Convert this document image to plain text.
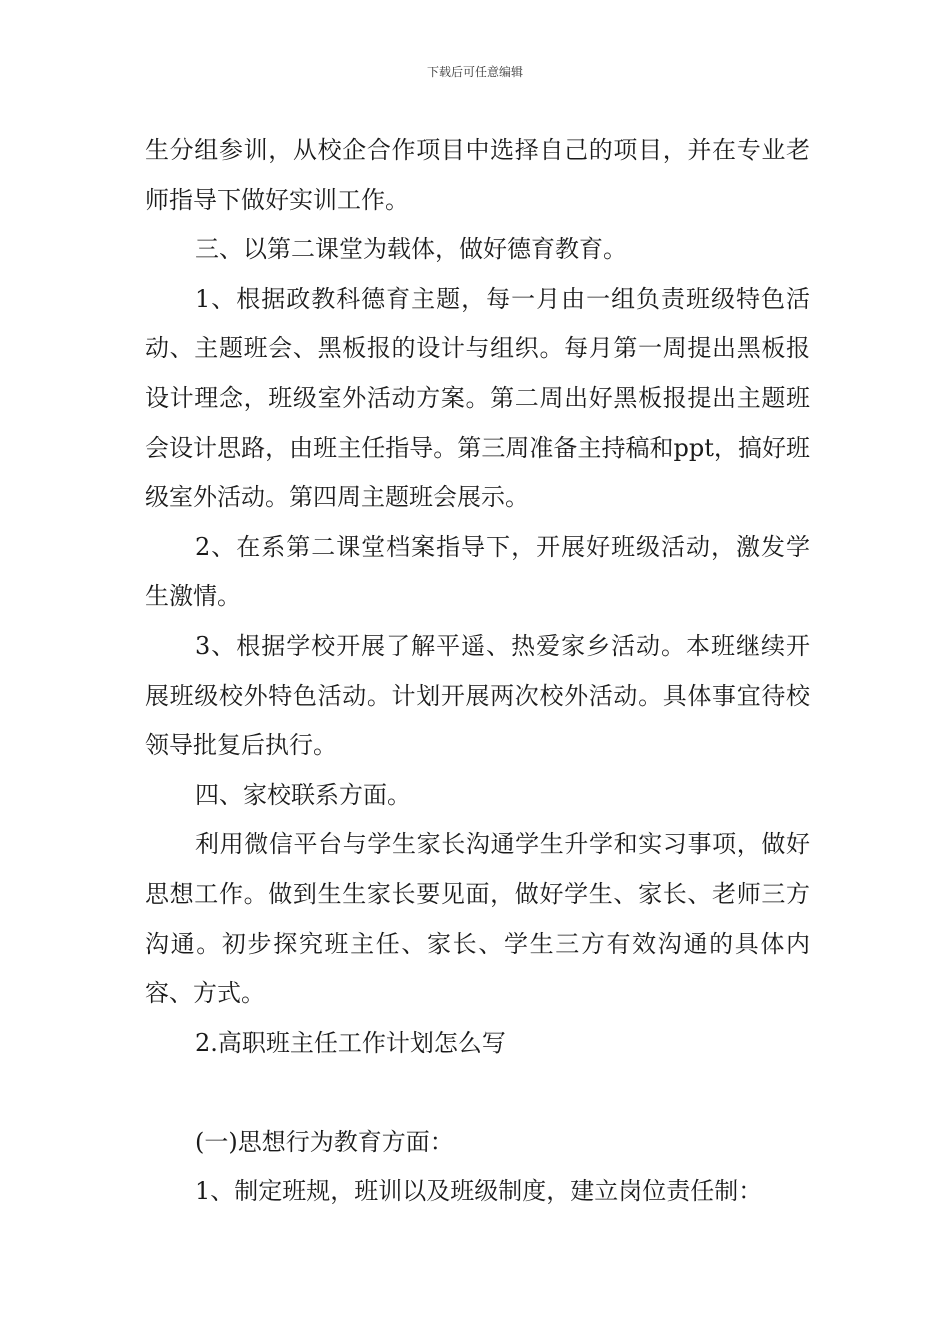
下载后可任意编辑

生分组参训，从校企合作项目中选择自己的项目，并在专业老师指导下做好实训工作。

三、以第二课堂为载体，做好德育教育。

1、根据政教科德育主题，每一月由一组负责班级特色活动、主题班会、黑板报的设计与组织。每月第一周提出黑板报设计理念，班级室外活动方案。第二周出好黑板报提出主题班会设计思路，由班主任指导。第三周准备主持稿和ppt，搞好班级室外活动。第四周主题班会展示。

2、在系第二课堂档案指导下，开展好班级活动，激发学生激情。

3、根据学校开展了解平遥、热爱家乡活动。本班继续开展班级校外特色活动。计划开展两次校外活动。具体事宜待校领导批复后执行。

四、家校联系方面。

利用微信平台与学生家长沟通学生升学和实习事项，做好思想工作。做到生生家长要见面，做好学生、家长、老师三方沟通。初步探究班主任、家长、学生三方有效沟通的具体内容、方式。

2.高职班主任工作计划怎么写

(一)思想行为教育方面：

1、制定班规，班训以及班级制度，建立岗位责任制：
